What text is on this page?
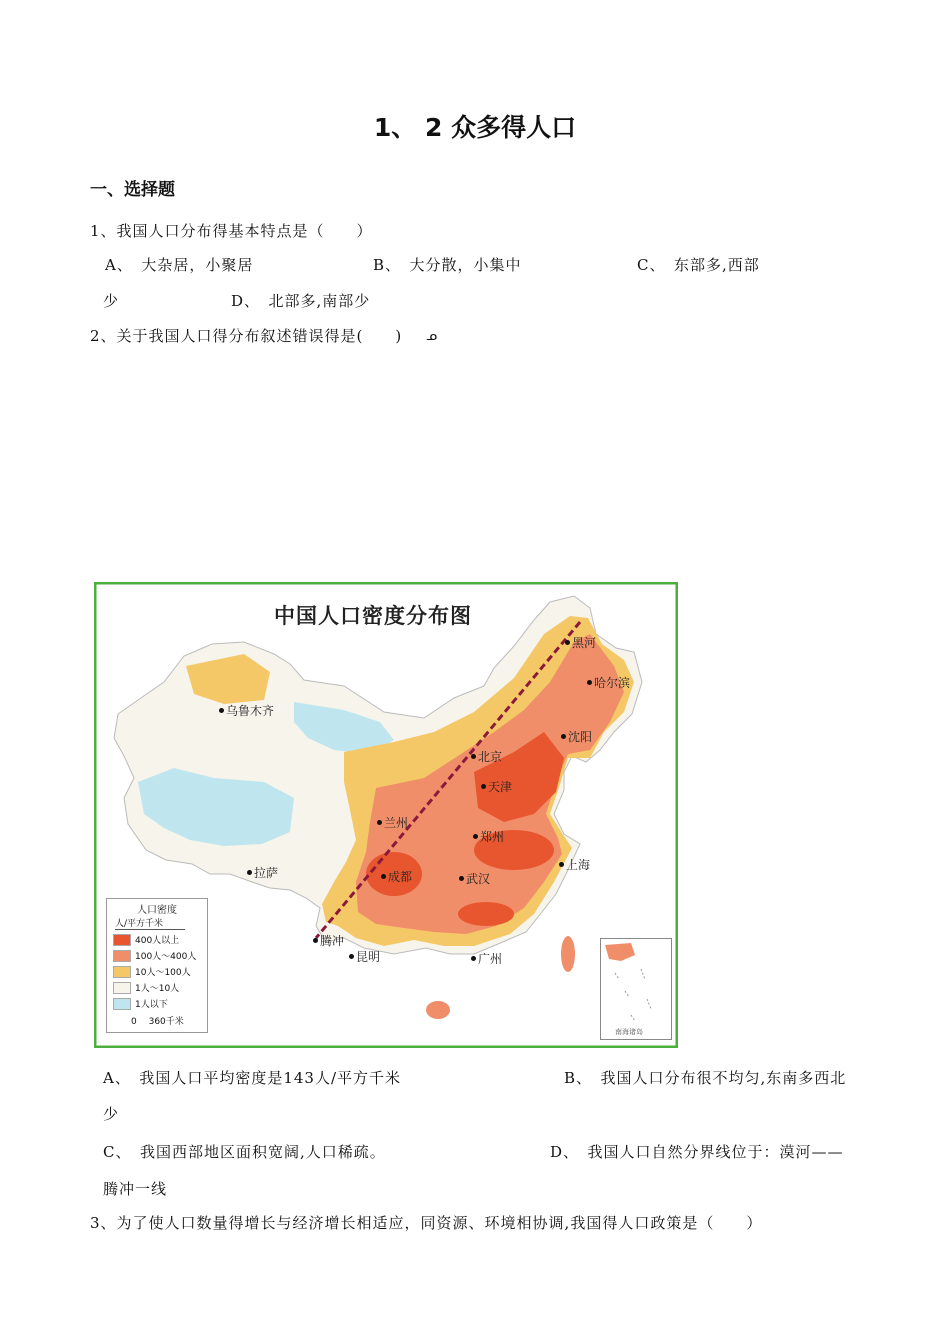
1、 2 众多得人口
一、选择题
1、我国人口分布得基本特点是（　　）
A、　大杂居，小聚居	B、　大分散，小集中	C、　东部多,西部
少	D、　北部多,南部少
2、关于我国人口得分布叙述错误得是(　　) ᓄ
中国人口密度分布图
黑河
哈尔滨
乌鲁木齐
沈阳
北京
天津
兰州
郑州
上海
拉萨	成都	武汉
腾冲
昆明	广州
人口密度
人/平方千米
400人以上
100人～400人
10人～100人
1人～10人
1人以下
0　 360千米
南海诸岛
A、　我国人口平均密度是143人/平方千米	B、　我国人口分布很不均匀,东南多西北
少
C、　我国西部地区面积宽阔,人口稀疏。	D、　我国人口自然分界线位于：漠河——
腾冲一线
3、为了使人口数量得增长与经济增长相适应，同资源、环境相协调,我国得人口政策是（　　）
